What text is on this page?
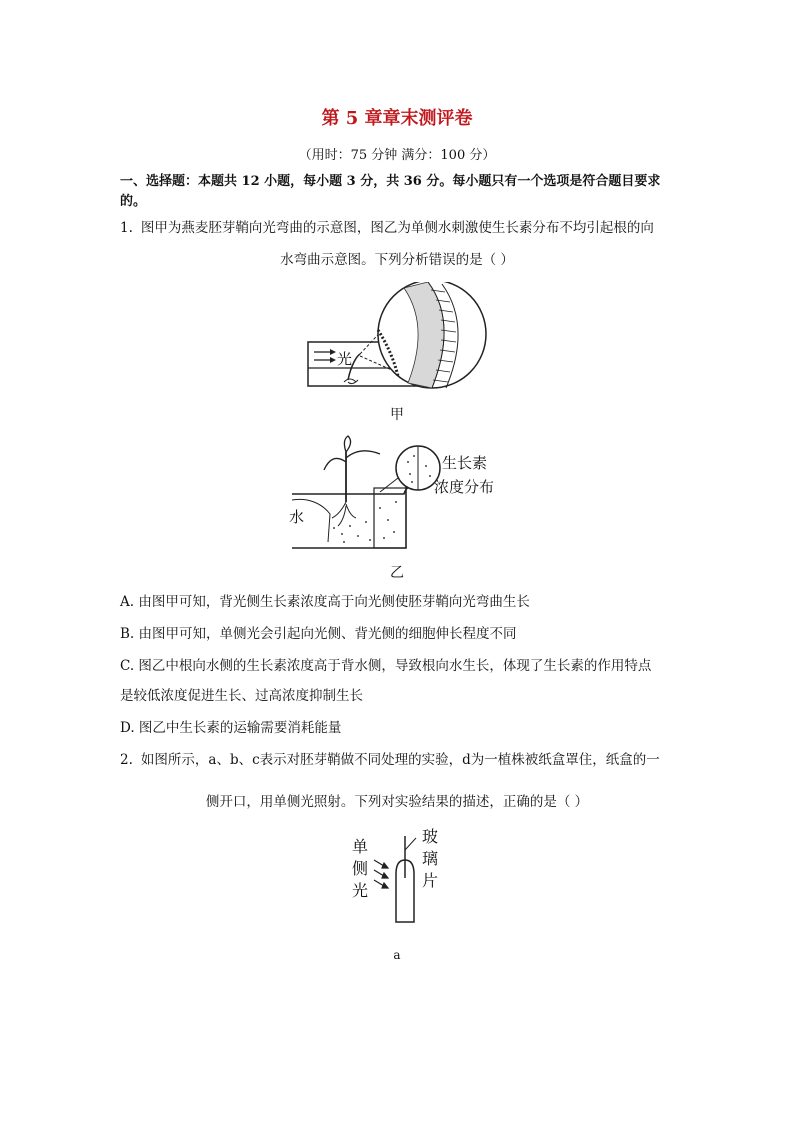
第 5 章章末测评卷
（用时：75 分钟 满分：100 分）
一、选择题：本题共 12 小题，每小题 3 分，共 36 分。每小题只有一个选项是符合题目要求的。
1. 图甲为燕麦胚芽鞘向光弯曲的示意图，图乙为单侧水刺激使生长素分布不均引起根的向
水弯曲示意图。下列分析错误的是（ ）
光
甲
水
生长素
浓度分布
乙
A. 由图甲可知，背光侧生长素浓度高于向光侧使胚芽鞘向光弯曲生长
B. 由图甲可知，单侧光会引起向光侧、背光侧的细胞伸长程度不同
C. 图乙中根向水侧的生长素浓度高于背水侧，导致根向水生长，体现了生长素的作用特点
是较低浓度促进生长、过高浓度抑制生长
D. 图乙中生长素的运输需要消耗能量
2. 如图所示，a、b、c表示对胚芽鞘做不同处理的实验，d为一植株被纸盒罩住，纸盒的一
侧开口，用单侧光照射。下列对实验结果的描述，正确的是（ ）
单
侧
光
玻
璃
片
a
